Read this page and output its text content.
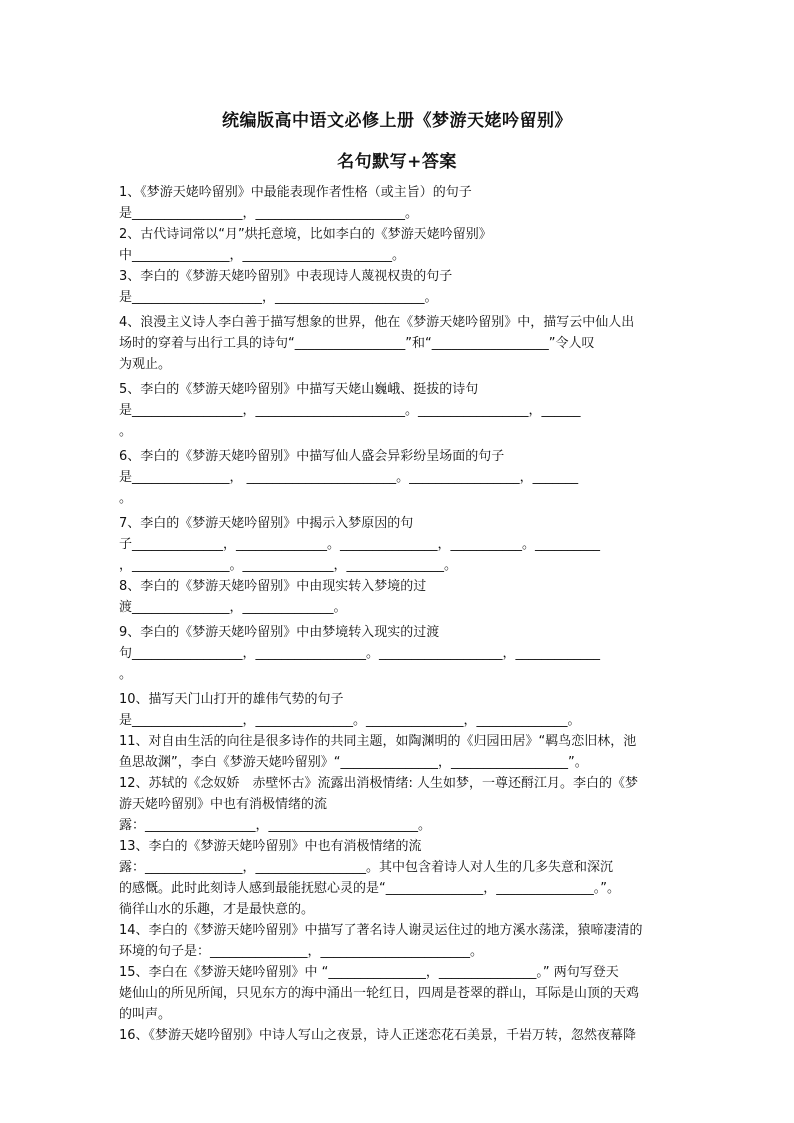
统编版高中语文必修上册《梦游天姥吟留别》
名句默写+答案
1、《梦游天姥吟留别》中最能表现作者性格（或主旨）的句子
是_________________，_______________________。
2、古代诗词常以“月”烘托意境，比如李白的《梦游天姥吟留别》
中_______________，_______________________。
3、李白的《梦游天姥吟留别》中表现诗人蔑视权贵的句子
是____________________，_______________________。
4、浪漫主义诗人李白善于描写想象的世界，他在《梦游天姥吟留别》中，描写云中仙人出
场时的穿着与出行工具的诗句“_________________”和“__________________”令人叹
为观止。
5、李白的《梦游天姥吟留别》中描写天姥山巍峨、挺拔的诗句
是_________________，_______________________。_________________，______
。
6、李白的《梦游天姥吟留别》中描写仙人盛会异彩纷呈场面的句子
是_______________， _______________________。_________________，_______
。
7、李白的《梦游天姥吟留别》中揭示入梦原因的句
子______________，______________。_______________，___________。__________
，_______________。______________，_______________。
8、李白的《梦游天姥吟留别》中由现实转入梦境的过
渡_______________，______________。
9、李白的《梦游天姥吟留别》中由梦境转入现实的过渡
句_________________，_________________。___________________，_____________
。
10、描写天门山打开的雄伟气势的句子
是_________________，_______________。_______________，______________。
11、对自由生活的向往是很多诗作的共同主题，如陶渊明的《归园田居》“羁鸟恋旧林，池
鱼思故渊”，李白《梦游天姥吟留别》“_______________，__________________”。
12、苏轼的《念奴娇　赤壁怀古》流露出消极情绪: 人生如梦，一尊还酹江月。李白的《梦
游天姥吟留别》中也有消极情绪的流
露：_________________，_______________________。
13、李白的《梦游天姥吟留别》中也有消极情绪的流
露：_______________，_________________。其中包含着诗人对人生的几多失意和深沉
的感慨。此时此刻诗人感到最能抚慰心灵的是“_______________，_______________。”。
徜徉山水的乐趣，才是最快意的。
14、李白的《梦游天姥吟留别》中描写了著名诗人谢灵运住过的地方溪水荡漾，猿啼凄清的
环境的句子是：_______________，_______________________。
15、李白在《梦游天姥吟留别》中 “_______________，_______________。” 两句写登天
姥仙山的所见所闻，只见东方的海中涌出一轮红日，四周是苍翠的群山，耳际是山顶的天鸡
的叫声。
16、《梦游天姥吟留别》中诗人写山之夜景，诗人正迷恋花石美景，千岩万转，忽然夜幕降
